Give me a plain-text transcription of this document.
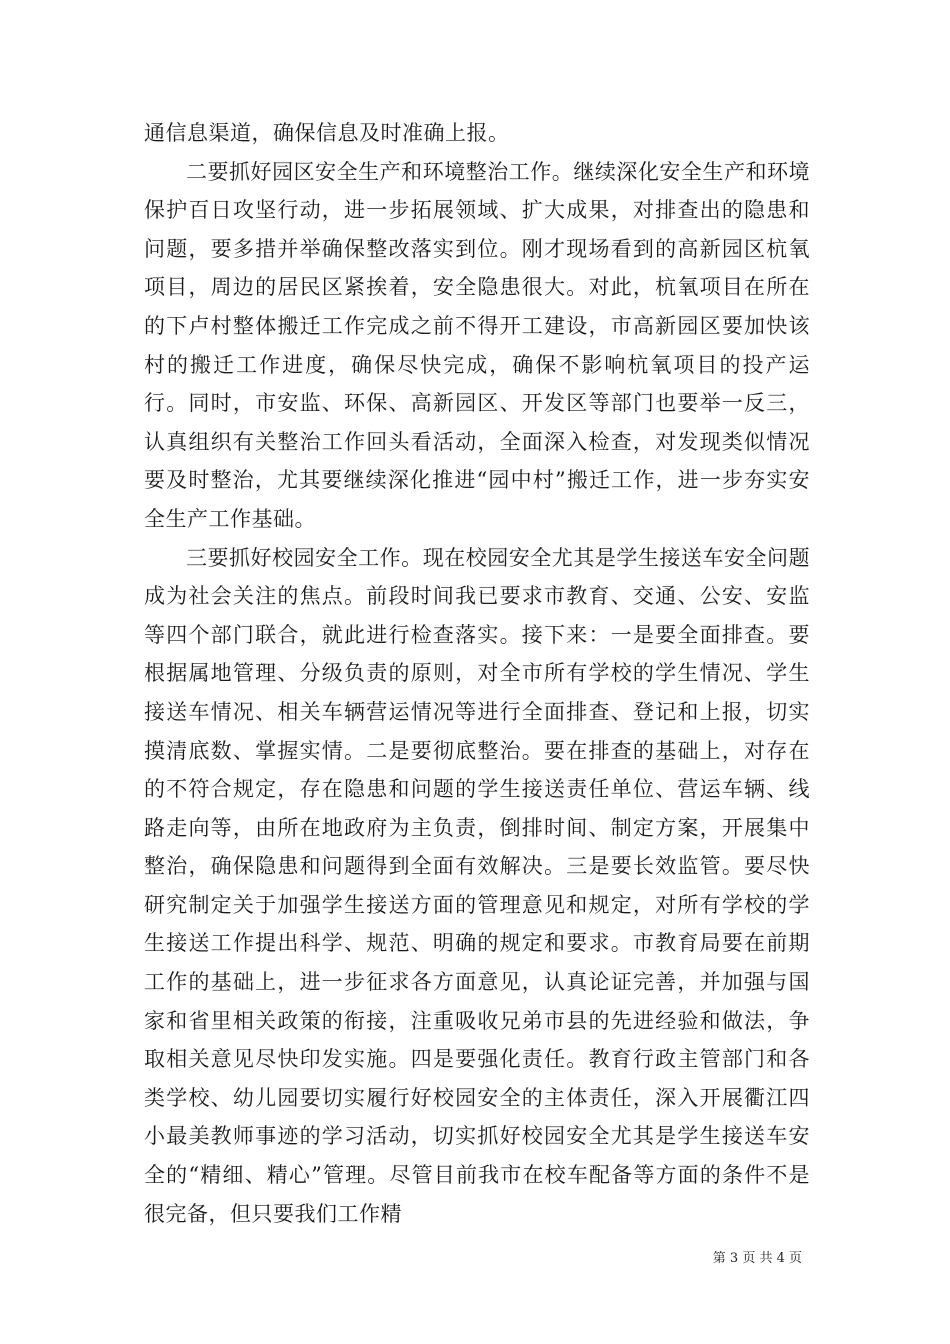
通信息渠道，确保信息及时准确上报。

二要抓好园区安全生产和环境整治工作。继续深化安全生产和环境保护百日攻坚行动，进一步拓展领域、扩大成果，对排查出的隐患和问题，要多措并举确保整改落实到位。刚才现场看到的高新园区杭氧项目，周边的居民区紧挨着，安全隐患很大。对此，杭氧项目在所在的下卢村整体搬迁工作完成之前不得开工建设，市高新园区要加快该村的搬迁工作进度，确保尽快完成，确保不影响杭氧项目的投产运行。同时，市安监、环保、高新园区、开发区等部门也要举一反三，认真组织有关整治工作回头看活动，全面深入检查，对发现类似情况要及时整治，尤其要继续深化推进“园中村”搬迁工作，进一步夯实安全生产工作基础。

三要抓好校园安全工作。现在校园安全尤其是学生接送车安全问题成为社会关注的焦点。前段时间我已要求市教育、交通、公安、安监等四个部门联合，就此进行检查落实。接下来：一是要全面排查。要根据属地管理、分级负责的原则，对全市所有学校的学生情况、学生接送车情况、相关车辆营运情况等进行全面排查、登记和上报，切实摸清底数、掌握实情。二是要彻底整治。要在排查的基础上，对存在的不符合规定，存在隐患和问题的学生接送责任单位、营运车辆、线路走向等，由所在地政府为主负责，倒排时间、制定方案，开展集中整治，确保隐患和问题得到全面有效解决。三是要长效监管。要尽快研究制定关于加强学生接送方面的管理意见和规定，对所有学校的学生接送工作提出科学、规范、明确的规定和要求。市教育局要在前期工作的基础上，进一步征求各方面意见，认真论证完善，并加强与国家和省里相关政策的衔接，注重吸收兄弟市县的先进经验和做法，争取相关意见尽快印发实施。四是要强化责任。教育行政主管部门和各类学校、幼儿园要切实履行好校园安全的主体责任，深入开展衢江四小最美教师事迹的学习活动，切实抓好校园安全尤其是学生接送车安全的“精细、精心”管理。尽管目前我市在校车配备等方面的条件不是很完备，但只要我们工作精

第 3 页 共 4 页
